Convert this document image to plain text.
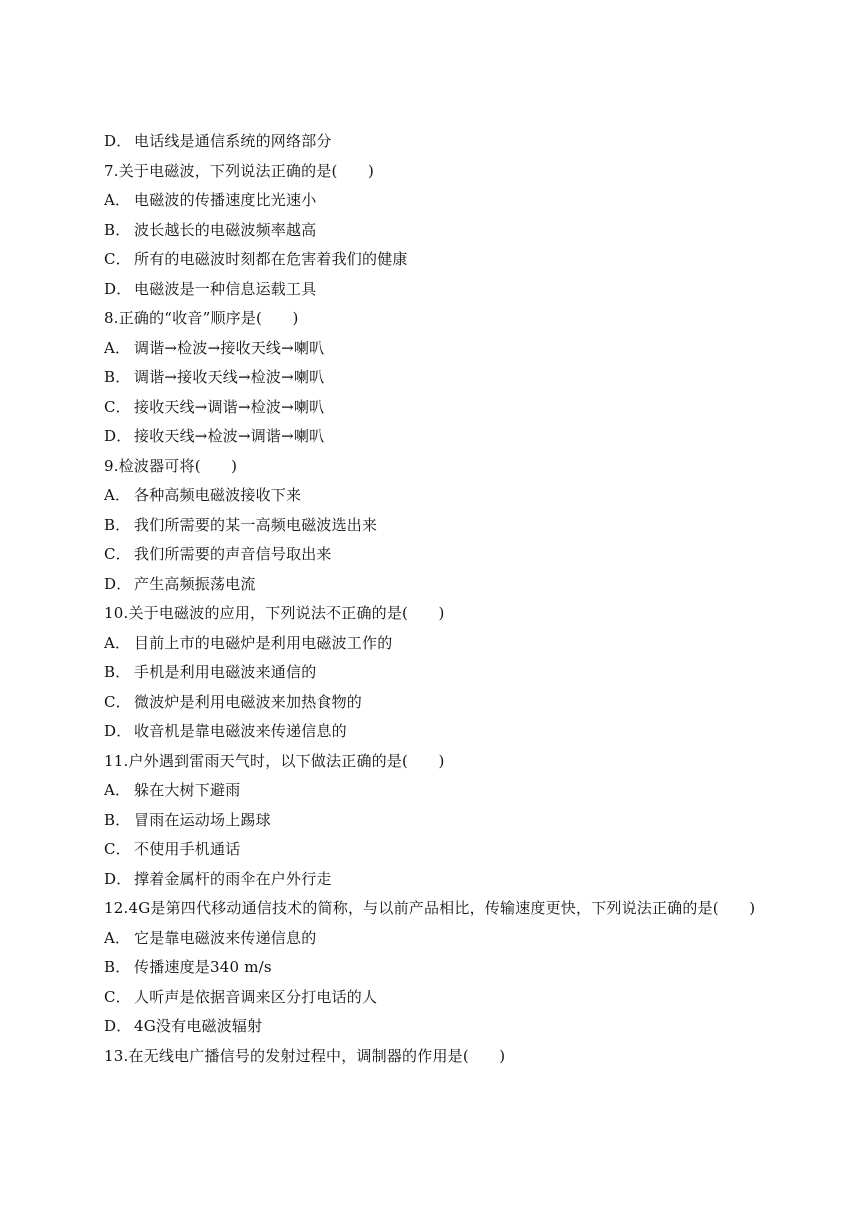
D． 电话线是通信系统的网络部分
7.关于电磁波，下列说法正确的是(　　)
A． 电磁波的传播速度比光速小
B． 波长越长的电磁波频率越高
C． 所有的电磁波时刻都在危害着我们的健康
D． 电磁波是一种信息运载工具
8.正确的“收音”顺序是(　　)
A． 调谐→检波→接收天线→喇叭
B． 调谐→接收天线→检波→喇叭
C． 接收天线→调谐→检波→喇叭
D． 接收天线→检波→调谐→喇叭
9.检波器可将(　　)
A． 各种高频电磁波接收下来
B． 我们所需要的某一高频电磁波选出来
C． 我们所需要的声音信号取出来
D． 产生高频振荡电流
10.关于电磁波的应用，下列说法不正确的是(　　)
A． 目前上市的电磁炉是利用电磁波工作的
B． 手机是利用电磁波来通信的
C． 微波炉是利用电磁波来加热食物的
D． 收音机是靠电磁波来传递信息的
11.户外遇到雷雨天气时，以下做法正确的是(　　)
A． 躲在大树下避雨
B． 冒雨在运动场上踢球
C． 不使用手机通话
D． 撑着金属杆的雨伞在户外行走
12.4G是第四代移动通信技术的简称，与以前产品相比，传输速度更快，下列说法正确的是(　　)
A． 它是靠电磁波来传递信息的
B． 传播速度是340 m/s
C． 人听声是依据音调来区分打电话的人
D． 4G没有电磁波辐射
13.在无线电广播信号的发射过程中，调制器的作用是(　　)
